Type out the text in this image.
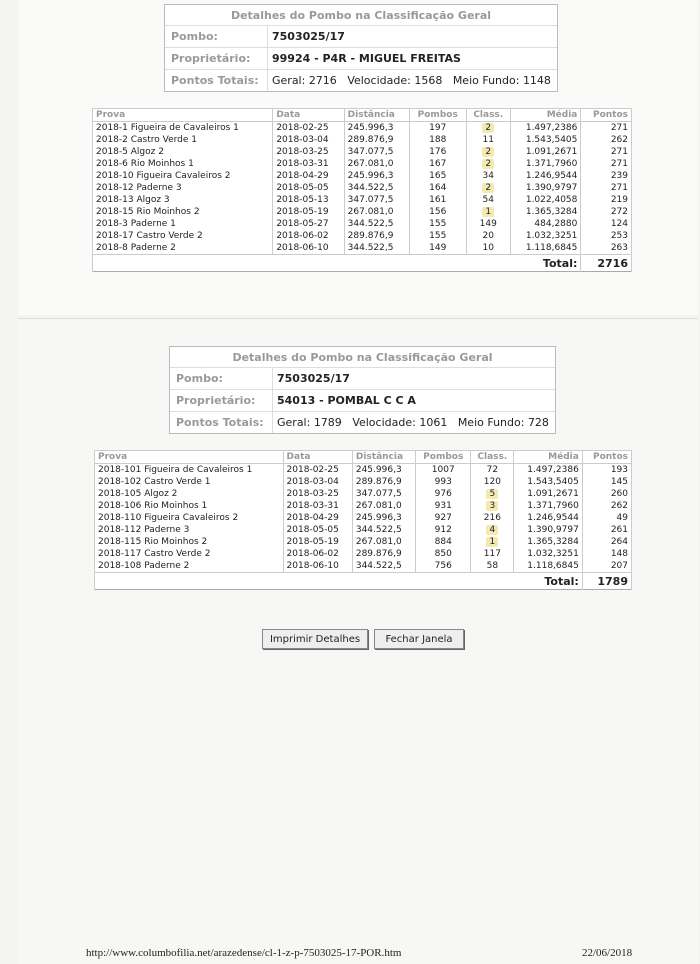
Detalhes do Pombo na Classificação Geral
Pombo:	7503025/17
Proprietário:	99924 - P4R - MIGUEL FREITAS
Pontos Totais:	Geral: 2716
Velocidade: 1568
Meio Fundo: 1148
Prova	Data	Distância	Pombos	Class.	Média	Pontos
2018-1 Figueira de Cavaleiros 1	2018-02-25	245.996,3	197	2	1.497,2386	271
2018-2 Castro Verde 1	2018-03-04	289.876,9	188	11	1.543,5405	262
2018-5 Algoz 2	2018-03-25	347.077,5	176	2	1.091,2671	271
2018-6 Rio Moinhos 1	2018-03-31	267.081,0	167	2	1.371,7960	271
2018-10 Figueira Cavaleiros 2	2018-04-29	245.996,3	165	34	1.246,9544	239
2018-12 Paderne 3	2018-05-05	344.522,5	164	2	1.390,9797	271
2018-13 Algoz 3	2018-05-13	347.077,5	161	54	1.022,4058	219
2018-15 Rio Moinhos 2	2018-05-19	267.081,0	156	1	1.365,3284	272
2018-3 Paderne 1	2018-05-27	344.522,5	155	149	484,2880	124
2018-17 Castro Verde 2	2018-06-02	289.876,9	155	20	1.032,3251	253
2018-8 Paderne 2	2018-06-10	344.522,5	149	10	1.118,6845	263
Total:						2716
Detalhes do Pombo na Classificação Geral
Pombo:	7503025/17
Proprietário:	54013 - POMBAL C C A
Pontos Totais:	Geral: 1789
Velocidade: 1061
Meio Fundo: 728
Prova	Data	Distância	Pombos	Class.	Média	Pontos
2018-101 Figueira de Cavaleiros 1	2018-02-25	245.996,3	1007	72	1.497,2386	193
2018-102 Castro Verde 1	2018-03-04	289.876,9	993	120	1.543,5405	145
2018-105 Algoz 2	2018-03-25	347.077,5	976	5	1.091,2671	260
2018-106 Rio Moinhos 1	2018-03-31	267.081,0	931	3	1.371,7960	262
2018-110 Figueira Cavaleiros 2	2018-04-29	245.996,3	927	216	1.246,9544	49
2018-112 Paderne 3	2018-05-05	344.522,5	912	4	1.390,9797	261
2018-115 Rio Moinhos 2	2018-05-19	267.081,0	884	1	1.365,3284	264
2018-117 Castro Verde 2	2018-06-02	289.876,9	850	117	1.032,3251	148
2018-108 Paderne 2	2018-06-10	344.522,5	756	58	1.118,6845	207
Total:						1789
Imprimir Detalhes	Fechar Janela
http://www.columbofilia.net/arazedense/cl-1-z-p-7503025-17-POR.htm	22/06/2018
